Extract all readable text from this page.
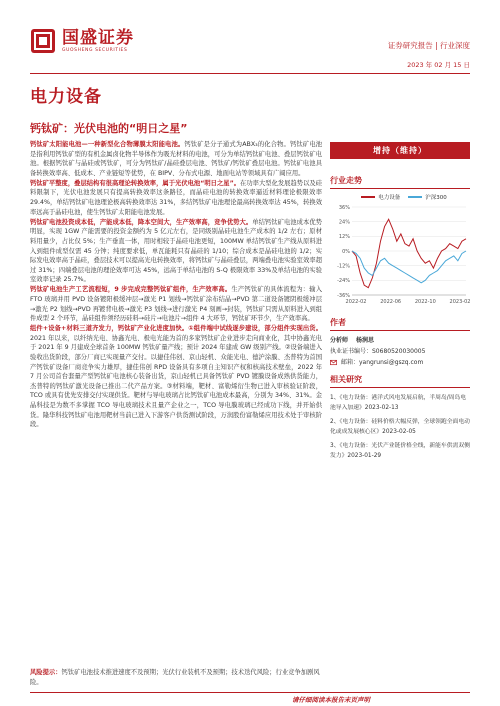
国盛证券
GUOSHENG SECURITIES
证券研究报告 | 行业深度
2023 年 02 月 15 日
电力设备
钙钛矿：光伏电池的“明日之星”

钙钛矿太阳能电池—一种新型化合物薄膜太阳能电池。钙钛矿是分子通式为ABX₃的化合物。钙钛矿电池是指利用钙钛矿型的有机金属卤化物半导体作为吸光材料的电池，可分为单结钙钛矿电池、叠层钙钛矿电池。根据钙钛矿与晶硅或钙钛矿，可分为钙钛矿/晶硅叠层电池、钙钛矿/钙钛矿叠层电池。钙钛矿电池具备转换效率高、低成本、产业链短等优势，在 BIPV、分布式电源、地面电站等领域具有广阔应用。

钙钛矿平整度，叠层结构有很高理论转换效率，属于光伏电池“明日之星”。在功率大型化发展趋势以及硅料限制下，光伏电池发展只有提高转换效率这条路径，而晶硅电池的转换效率逼近材料理论极限效率 29.4%，单结钙钛矿电池理论极高转换效率达 31%，多结钙钛矿电池理论最高转换效率达 45%，转换效率远高于晶硅电池，使生钙钛矿太阳能电池发展。

钙钛矿电池投资成本低，产能成本低，降本空间大，生产效率高，竞争优势大。单结钙钛矿电池成本优势明显，实现 1GW 产能需要的投资金额约为 5 亿元左右，是同级别晶硅电池生产成本的 1/2 左右；原材料用量少，占比仅 5%；生产垂直一体，用时相较于晶硅电池更短，100MW 单结钙钛矿生产线从原料进入到组件成型仅需 45 分钟；纯度要求低，单瓦能耗只有晶硅的 1/10；综合成本是晶硅电池的 1/2；实际发电效率高于晶硅，叠层技术可以提高光电转换效率，将钙钛矿与晶硅叠层，两端叠电池实验室效率超过 31%；四端叠层电池的理论效率可达 45%，远高于单结电池的 S-Q 极限效率 33%及单结电池的实验室效率记录 25.7%。

钙钛矿电池生产工艺流程短，9 步完成完整钙钛矿组件，生产效率高。生产钙钛矿的具体流程为：输入 FTO 玻璃并用 PVD 设备镀阳极缓冲层→激光 P1 划线→钙钛矿涂布结晶→PVD 第二道设备镀阴极缓冲层→激光 P2 划线→PVD 再镀背电极→激光 P3 划线→进行激光 P4 刻画→封装，钙钛矿只需从原料进入到组件成型 2 个环节，晶硅组件须经历硅料→硅片→电池片→组件 4 大环节，钙钛矿环节少，生产效率高。

组件+设备+材料三道齐发力，钙钛矿产业化进度加快。①组件端中试线逐步建设，部分组件实现出货。2021 年以来，以纤纳光电、协鑫光电、极电光能为首的多家钙钛矿企业进步走向商业化，其中协鑫光电于 2021 年 9 月建成全球首条 100MW 钙钛矿量产线；预计 2024 年建成 GW 级别产线。②设备端进入验收出货阶段，部分厂商已实现量产交付。以捷佳伟创、京山轻机、众能光电、德沪涂膜、杰普特为首国产钙钛矿设备厂商竞争实力雄厚，捷佳伟创 RPD 设备具有多项自主知识产权和核高技术壁垒，2022 年 7 月公司首台套量产型钙钛矿电池核心装备出货，京山轻机已具备钙钛矿 PVD 镀膜设备成熟供货能力，杰普特的钙钛矿激光设备已推出二代产品方案。③材料端，靶材、富勒烯衍生物已进入审核验证阶段，TCO 或具有优先安排交付实现供货。靶材与导电玻璃占比钙钛矿电池成本最高，分别为 34%、31%。金晶科技是为数不多掌握 TCO 导电玻璃技术且量产企业之一，TCO 导电膜玻璃已经成功下线，并开始供货。隆华科技钙钛矿电池用靶材当前已进入下游客户供货测试阶段，万润股份富勒烯应用技术处于审核阶段。

风险提示：钙钛矿电池技术推进速度不及预期；光伏行业装机不及预期；技术迭代风险；行业竞争加剧风险。
增持（维持）
行业走势
电力设备	沪深300
36%
24%
12%
0%
-12%
-24%
-36%
2022-02	2022-06	2022-10	2023-02
作者
分析师 杨润思
执业证书编号：S0680520030005
邮箱：yangrunsi@gszq.com
相关研究
1、《电力设备：港洋式风电发展启航，半周岛/周岛电池导入加速》2023-02-13
2、《电力设备：硅料价格大幅反弹，全球领跑全面电动化或成发展核心区》2023-02-05
3、《电力设备：光伏产业链价格全线，新能车供需双侧发力》2023-01-29
请仔细阅读本报告末页声明
